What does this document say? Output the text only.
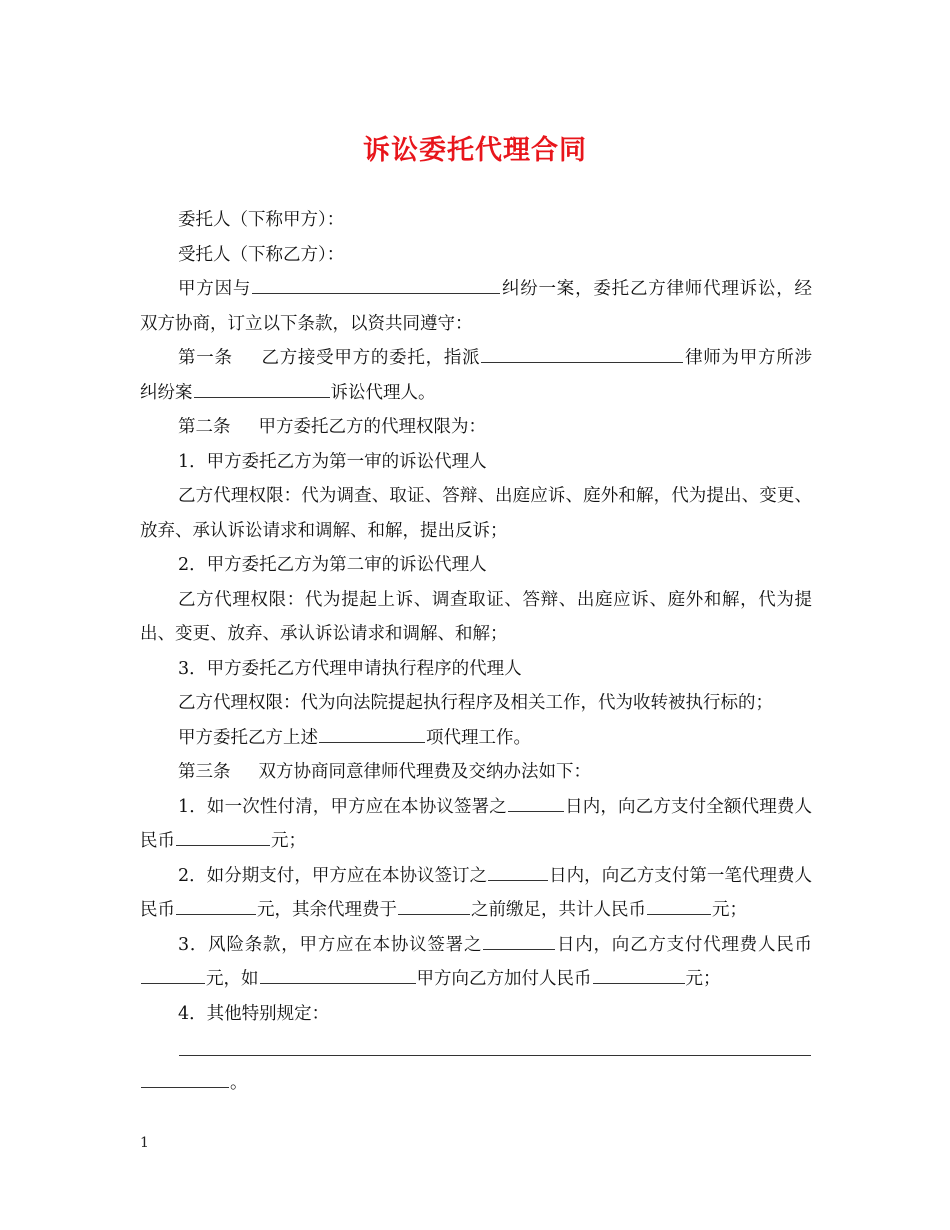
诉讼委托代理合同

委托人（下称甲方）：

受托人（下称乙方）：

甲方因与	纠纷一案，委托乙方律师代理诉讼，经双方协商，订立以下条款，以资共同遵守：

第一条 乙方接受甲方的委托，指派	律师为甲方所涉纠纷案	诉讼代理人。

第二条 甲方委托乙方的代理权限为：

1．甲方委托乙方为第一审的诉讼代理人

乙方代理权限：代为调查、取证、答辩、出庭应诉、庭外和解，代为提出、变更、放弃、承认诉讼请求和调解、和解，提出反诉；

2．甲方委托乙方为第二审的诉讼代理人

乙方代理权限：代为提起上诉、调查取证、答辩、出庭应诉、庭外和解，代为提出、变更、放弃、承认诉讼请求和调解、和解；

3．甲方委托乙方代理申请执行程序的代理人

乙方代理权限：代为向法院提起执行程序及相关工作，代为收转被执行标的；

甲方委托乙方上述	项代理工作。

第三条 双方协商同意律师代理费及交纳办法如下：

1．如一次性付清，甲方应在本协议签署之	日内，向乙方支付全额代理费人民币	元；

2．如分期支付，甲方应在本协议签订之	日内，向乙方支付第一笔代理费人民币	元，其余代理费于	之前缴足，共计人民币	元；

3．风险条款，甲方应在本协议签署之	日内，向乙方支付代理费人民币元，如	甲方向乙方加付人民币	元；

4．其他特别规定：

。

1
